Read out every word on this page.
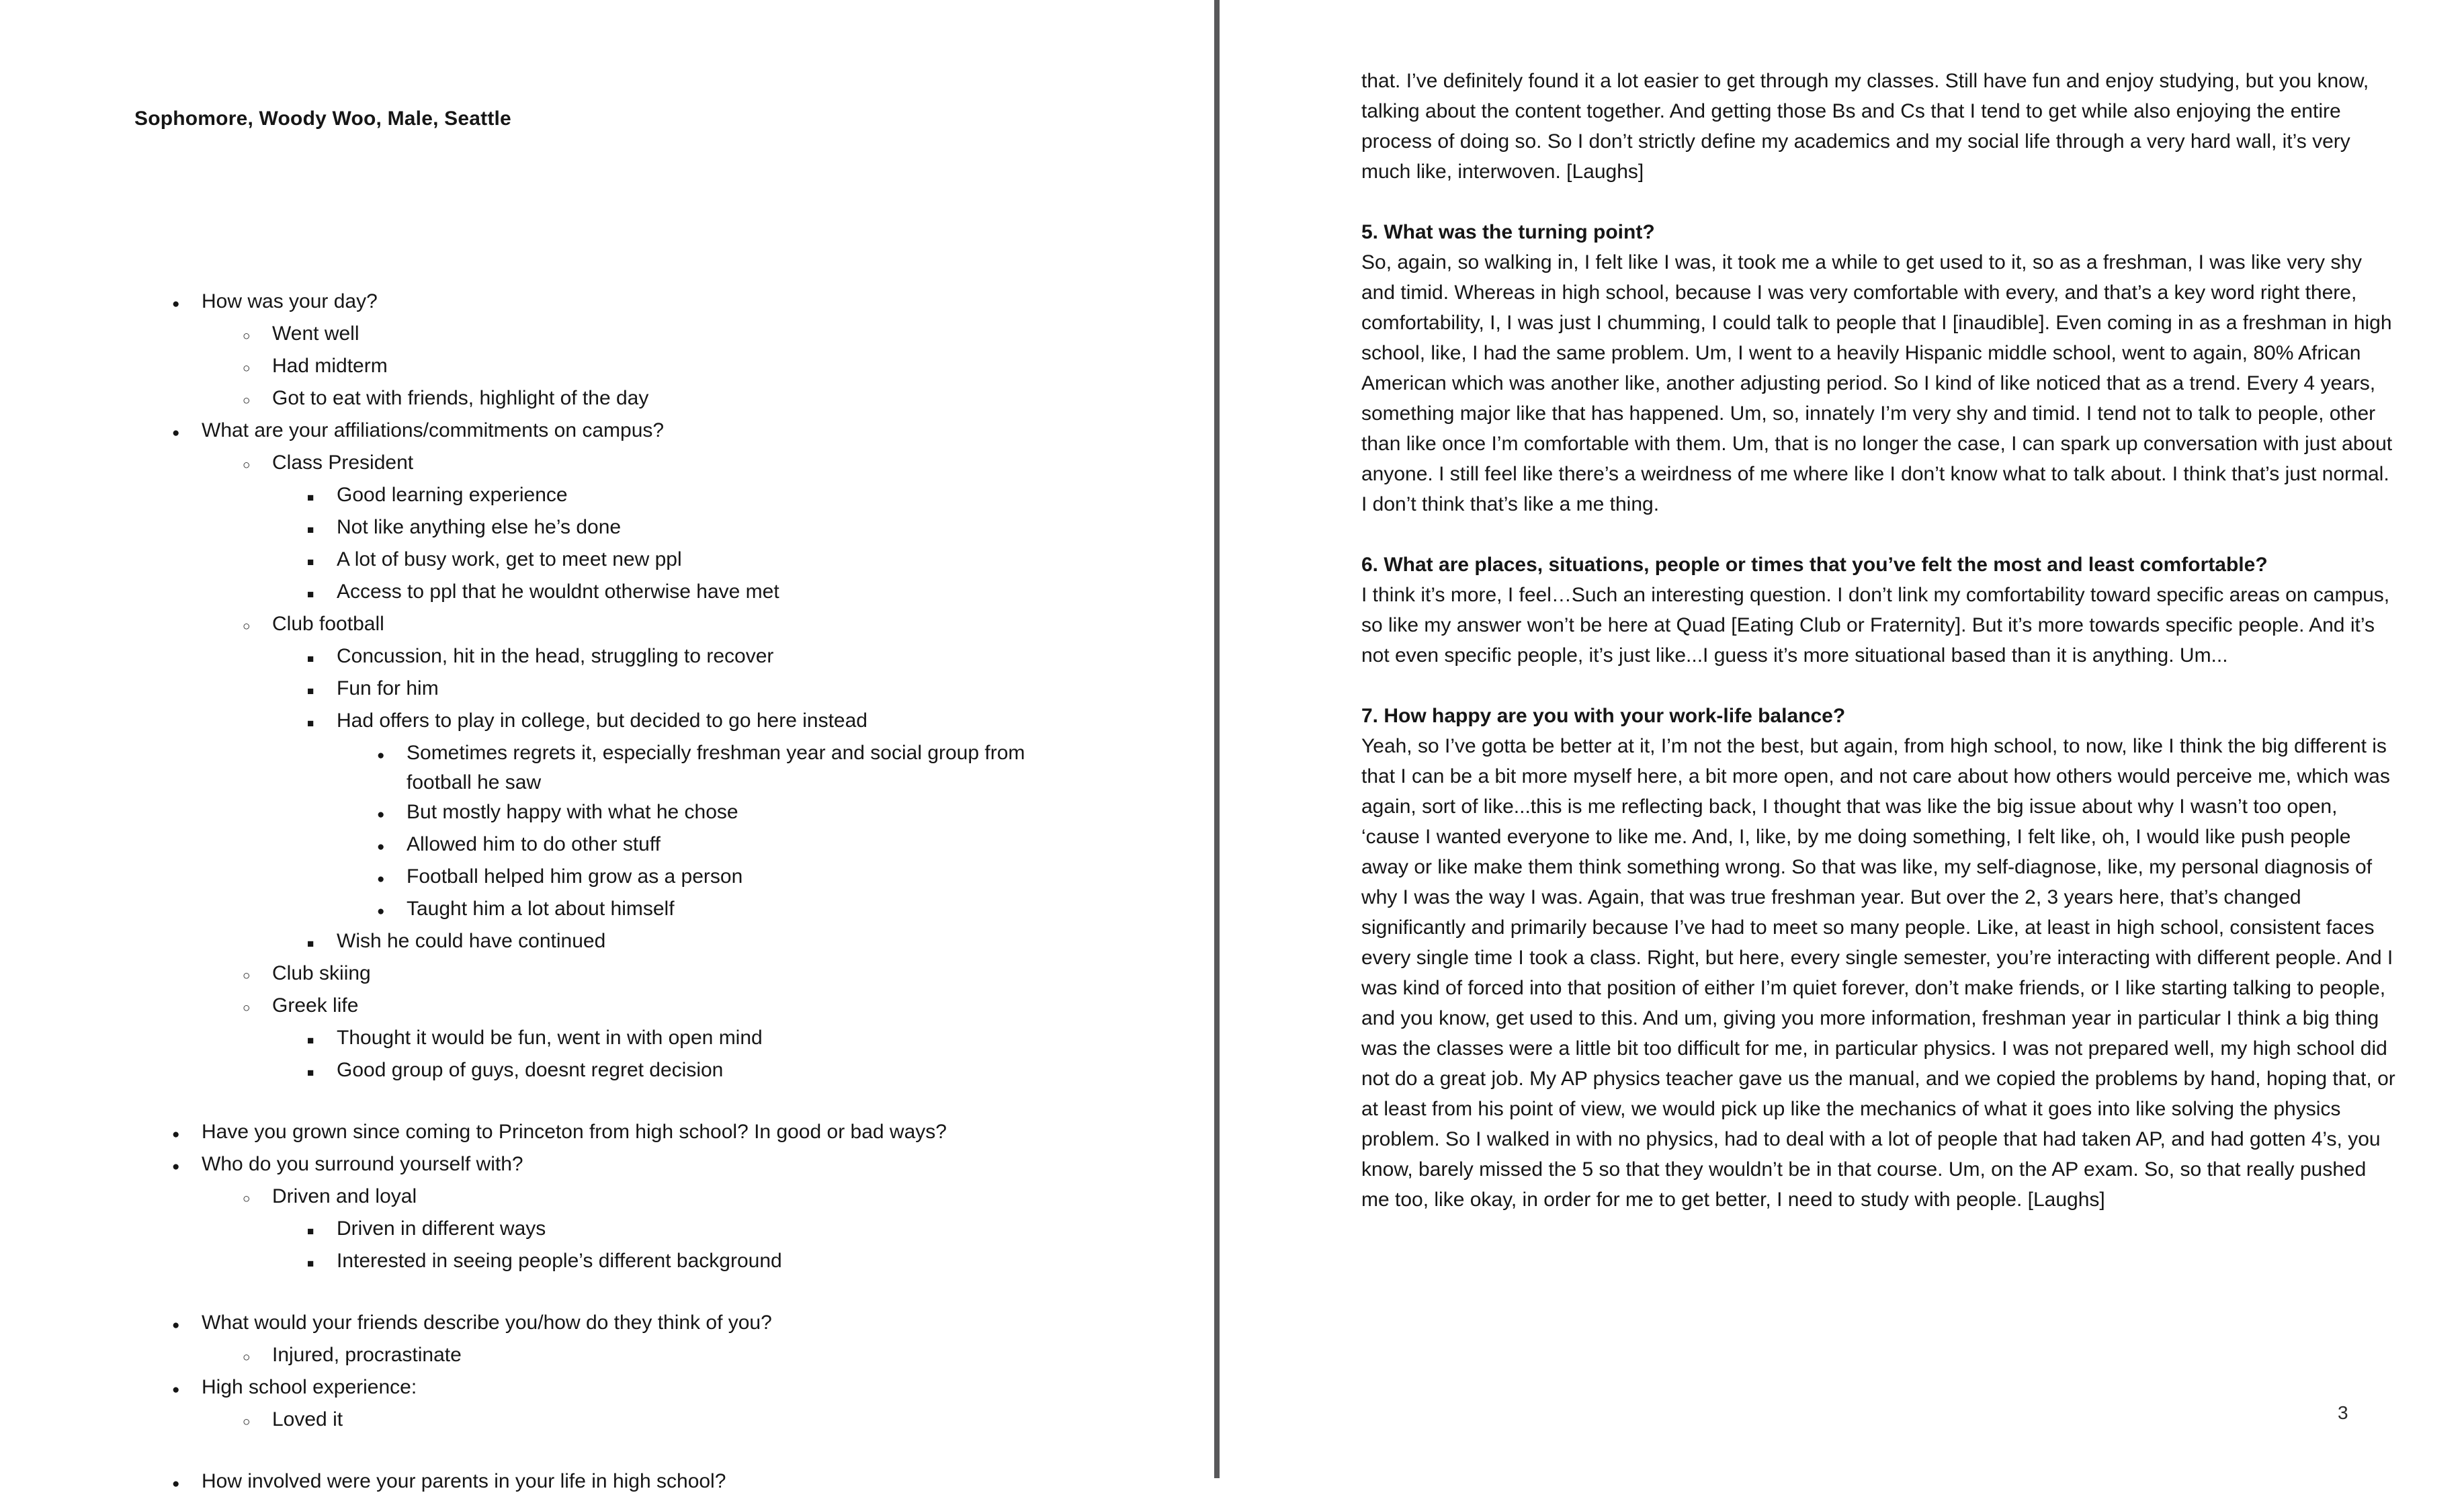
Sophomore, Woody Woo, Male, Seattle
●	How was your day?
○	Went well
○	Had midterm
○	Got to eat with friends, highlight of the day
●	What are your affiliations/commitments on campus?
○	Class President
■	Good learning experience
■	Not like anything else he’s done
■	A lot of busy work, get to meet new ppl
■	Access to ppl that he wouldnt otherwise have met
○	Club football
■	Concussion, hit in the head, struggling to recover
■	Fun for him
■	Had offers to play in college, but decided to go here instead
●	Sometimes regrets it, especially freshman year and social group from football he saw
●	But mostly happy with what he chose
●	Allowed him to do other stuff
●	Football helped him grow as a person
●	Taught him a lot about himself
■	Wish he could have continued
○	Club skiing
○	Greek life
■	Thought it would be fun, went in with open mind
■	Good group of guys, doesnt regret decision
●	Have you grown since coming to Princeton from high school? In good or bad ways?
●	Who do you surround yourself with?
○	Driven and loyal
■	Driven in different ways
■	Interested in seeing people’s different background
●	What would your friends describe you/how do they think of you?
○	Injured, procrastinate
●	High school experience:
○	Loved it
●	How involved were your parents in your life in high school?
that. I’ve definitely found it a lot easier to get through my classes. Still have fun and enjoy studying, but you know, talking about the content together. And getting those Bs and Cs that I tend to get while also enjoying the entire process of doing so. So I don’t strictly define my academics and my social life through a very hard wall, it’s very much like, interwoven. [Laughs]
5. What was the turning point?
So, again, so walking in, I felt like I was, it took me a while to get used to it, so as a freshman, I was like very shy and timid. Whereas in high school, because I was very comfortable with every, and that’s a key word right there, comfortability, I, I was just I chumming, I could talk to people that I [inaudible]. Even coming in as a freshman in high school, like, I had the same problem. Um, I went to a heavily Hispanic middle school, went to again, 80% African American which was another like, another adjusting period. So I kind of like noticed that as a trend. Every 4 years, something major like that has happened. Um, so, innately I’m very shy and timid. I tend not to talk to people, other than like once I’m comfortable with them. Um, that is no longer the case, I can spark up conversation with just about anyone. I still feel like there’s a weirdness of me where like I don’t know what to talk about. I think that’s just normal. I don’t think that’s like a me thing.
6. What are places, situations, people or times that you’ve felt the most and least comfortable?
I think it’s more, I feel…Such an interesting question. I don’t link my comfortability toward specific areas on campus, so like my answer won’t be here at Quad [Eating Club or Fraternity]. But it’s more towards specific people. And it’s not even specific people, it’s just like...I guess it’s more situational based than it is anything. Um...
7. How happy are you with your work-life balance?
Yeah, so I’ve gotta be better at it, I’m not the best, but again, from high school, to now, like I think the big different is that I can be a bit more myself here, a bit more open, and not care about how others would perceive me, which was again, sort of like...this is me reflecting back, I thought that was like the big issue about why I wasn’t too open, ‘cause I wanted everyone to like me. And, I, like, by me doing something, I felt like, oh, I would like push people away or like make them think something wrong. So that was like, my self-diagnose, like, my personal diagnosis of why I was the way I was. Again, that was true freshman year. But over the 2, 3 years here, that’s changed significantly and primarily because I’ve had to meet so many people. Like, at least in high school, consistent faces every single time I took a class. Right, but here, every single semester, you’re interacting with different people. And I was kind of forced into that position of either I’m quiet forever, don’t make friends, or I like starting talking to people, and you know, get used to this. And um, giving you more information, freshman year in particular I think a big thing was the classes were a little bit too difficult for me, in particular physics. I was not prepared well, my high school did not do a great job. My AP physics teacher gave us the manual, and we copied the problems by hand, hoping that, or at least from his point of view, we would pick up like the mechanics of what it goes into like solving the physics problem. So I walked in with no physics, had to deal with a lot of people that had taken AP, and had gotten 4’s, you know, barely missed the 5 so that they wouldn’t be in that course. Um, on the AP exam. So, so that really pushed me too, like okay, in order for me to get better, I need to study with people. [Laughs]
3
